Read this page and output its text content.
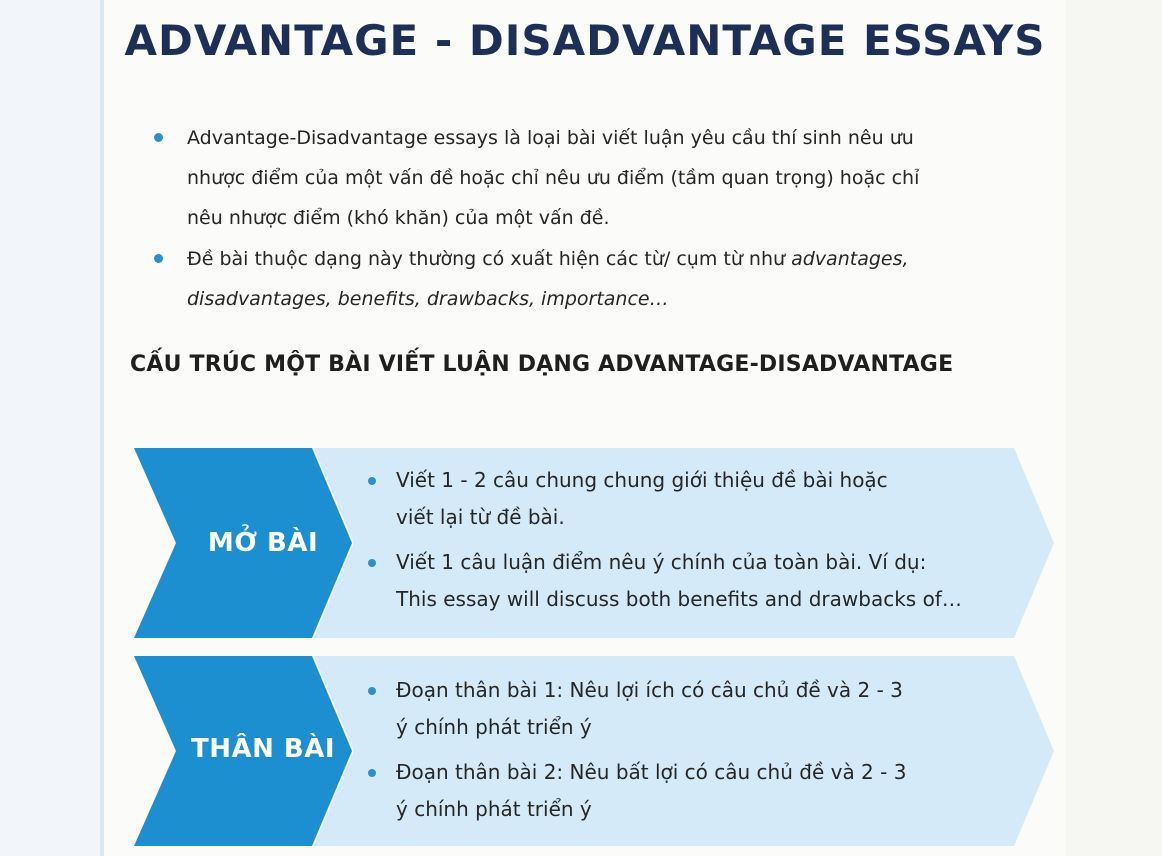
ADVANTAGE - DISADVANTAGE ESSAYS
Advantage-Disadvantage essays là loại bài viết luận yêu cầu thí sinh nêu ưu
nhược điểm của một vấn đề hoặc chỉ nêu ưu điểm (tầm quan trọng) hoặc chỉ
nêu nhược điểm (khó khăn) của một vấn đề.
Đề bài thuộc dạng này thường có xuất hiện các từ/ cụm từ như advantages,
disadvantages, benefits, drawbacks, importance…
CẤU TRÚC MỘT BÀI VIẾT LUẬN DẠNG ADVANTAGE-DISADVANTAGE
MỞ BÀI
Viết 1 - 2 câu chung chung giới thiệu đề bài hoặc
viết lại từ đề bài.
Viết 1 câu luận điểm nêu ý chính của toàn bài. Ví dụ:
This essay will discuss both benefits and drawbacks of…
THÂN BÀI
Đoạn thân bài 1: Nêu lợi ích có câu chủ đề và 2 - 3
ý chính phát triển ý
Đoạn thân bài 2: Nêu bất lợi có câu chủ đề và 2 - 3
ý chính phát triển ý
